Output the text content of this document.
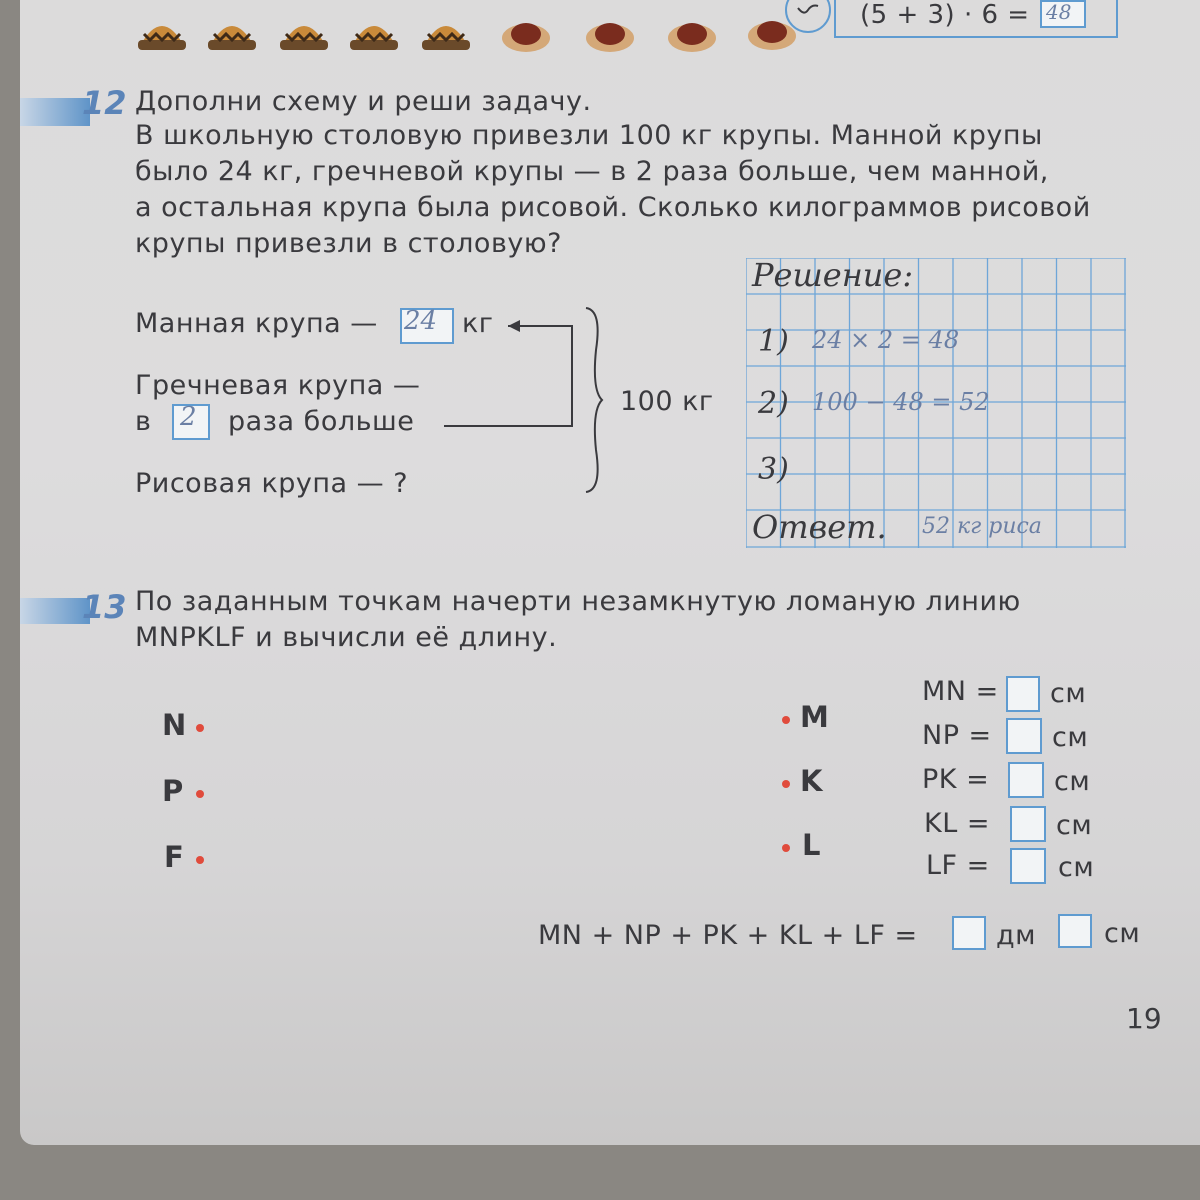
(5 + 3) · 6 = 48
12 Дополни схему и реши задачу.
В школьную столовую привезли 100 кг крупы. Манной крупы
было 24 кг, гречневой крупы — в 2 раза больше, чем манной,
а остальная крупа была рисовой. Сколько килограммов рисовой
крупы привезли в столовую?
Манная крупа — 24 кг
Гречневая крупа —
в 2 раза больше
Рисовая крупа — ?
100 кг
Решение:
1) 24 × 2 = 48
2) 100 − 48 = 52
3)
Ответ. 52 кг риса
13 По заданным точкам начерти незамкнутую ломаную линию
MNPKLF и вычисли её длину.
N
P
F
M
K
L
MN = см
NP = см
PK = см
KL = см
LF =	см
MN + NP + PK + KL + LF =	дм	см
19
